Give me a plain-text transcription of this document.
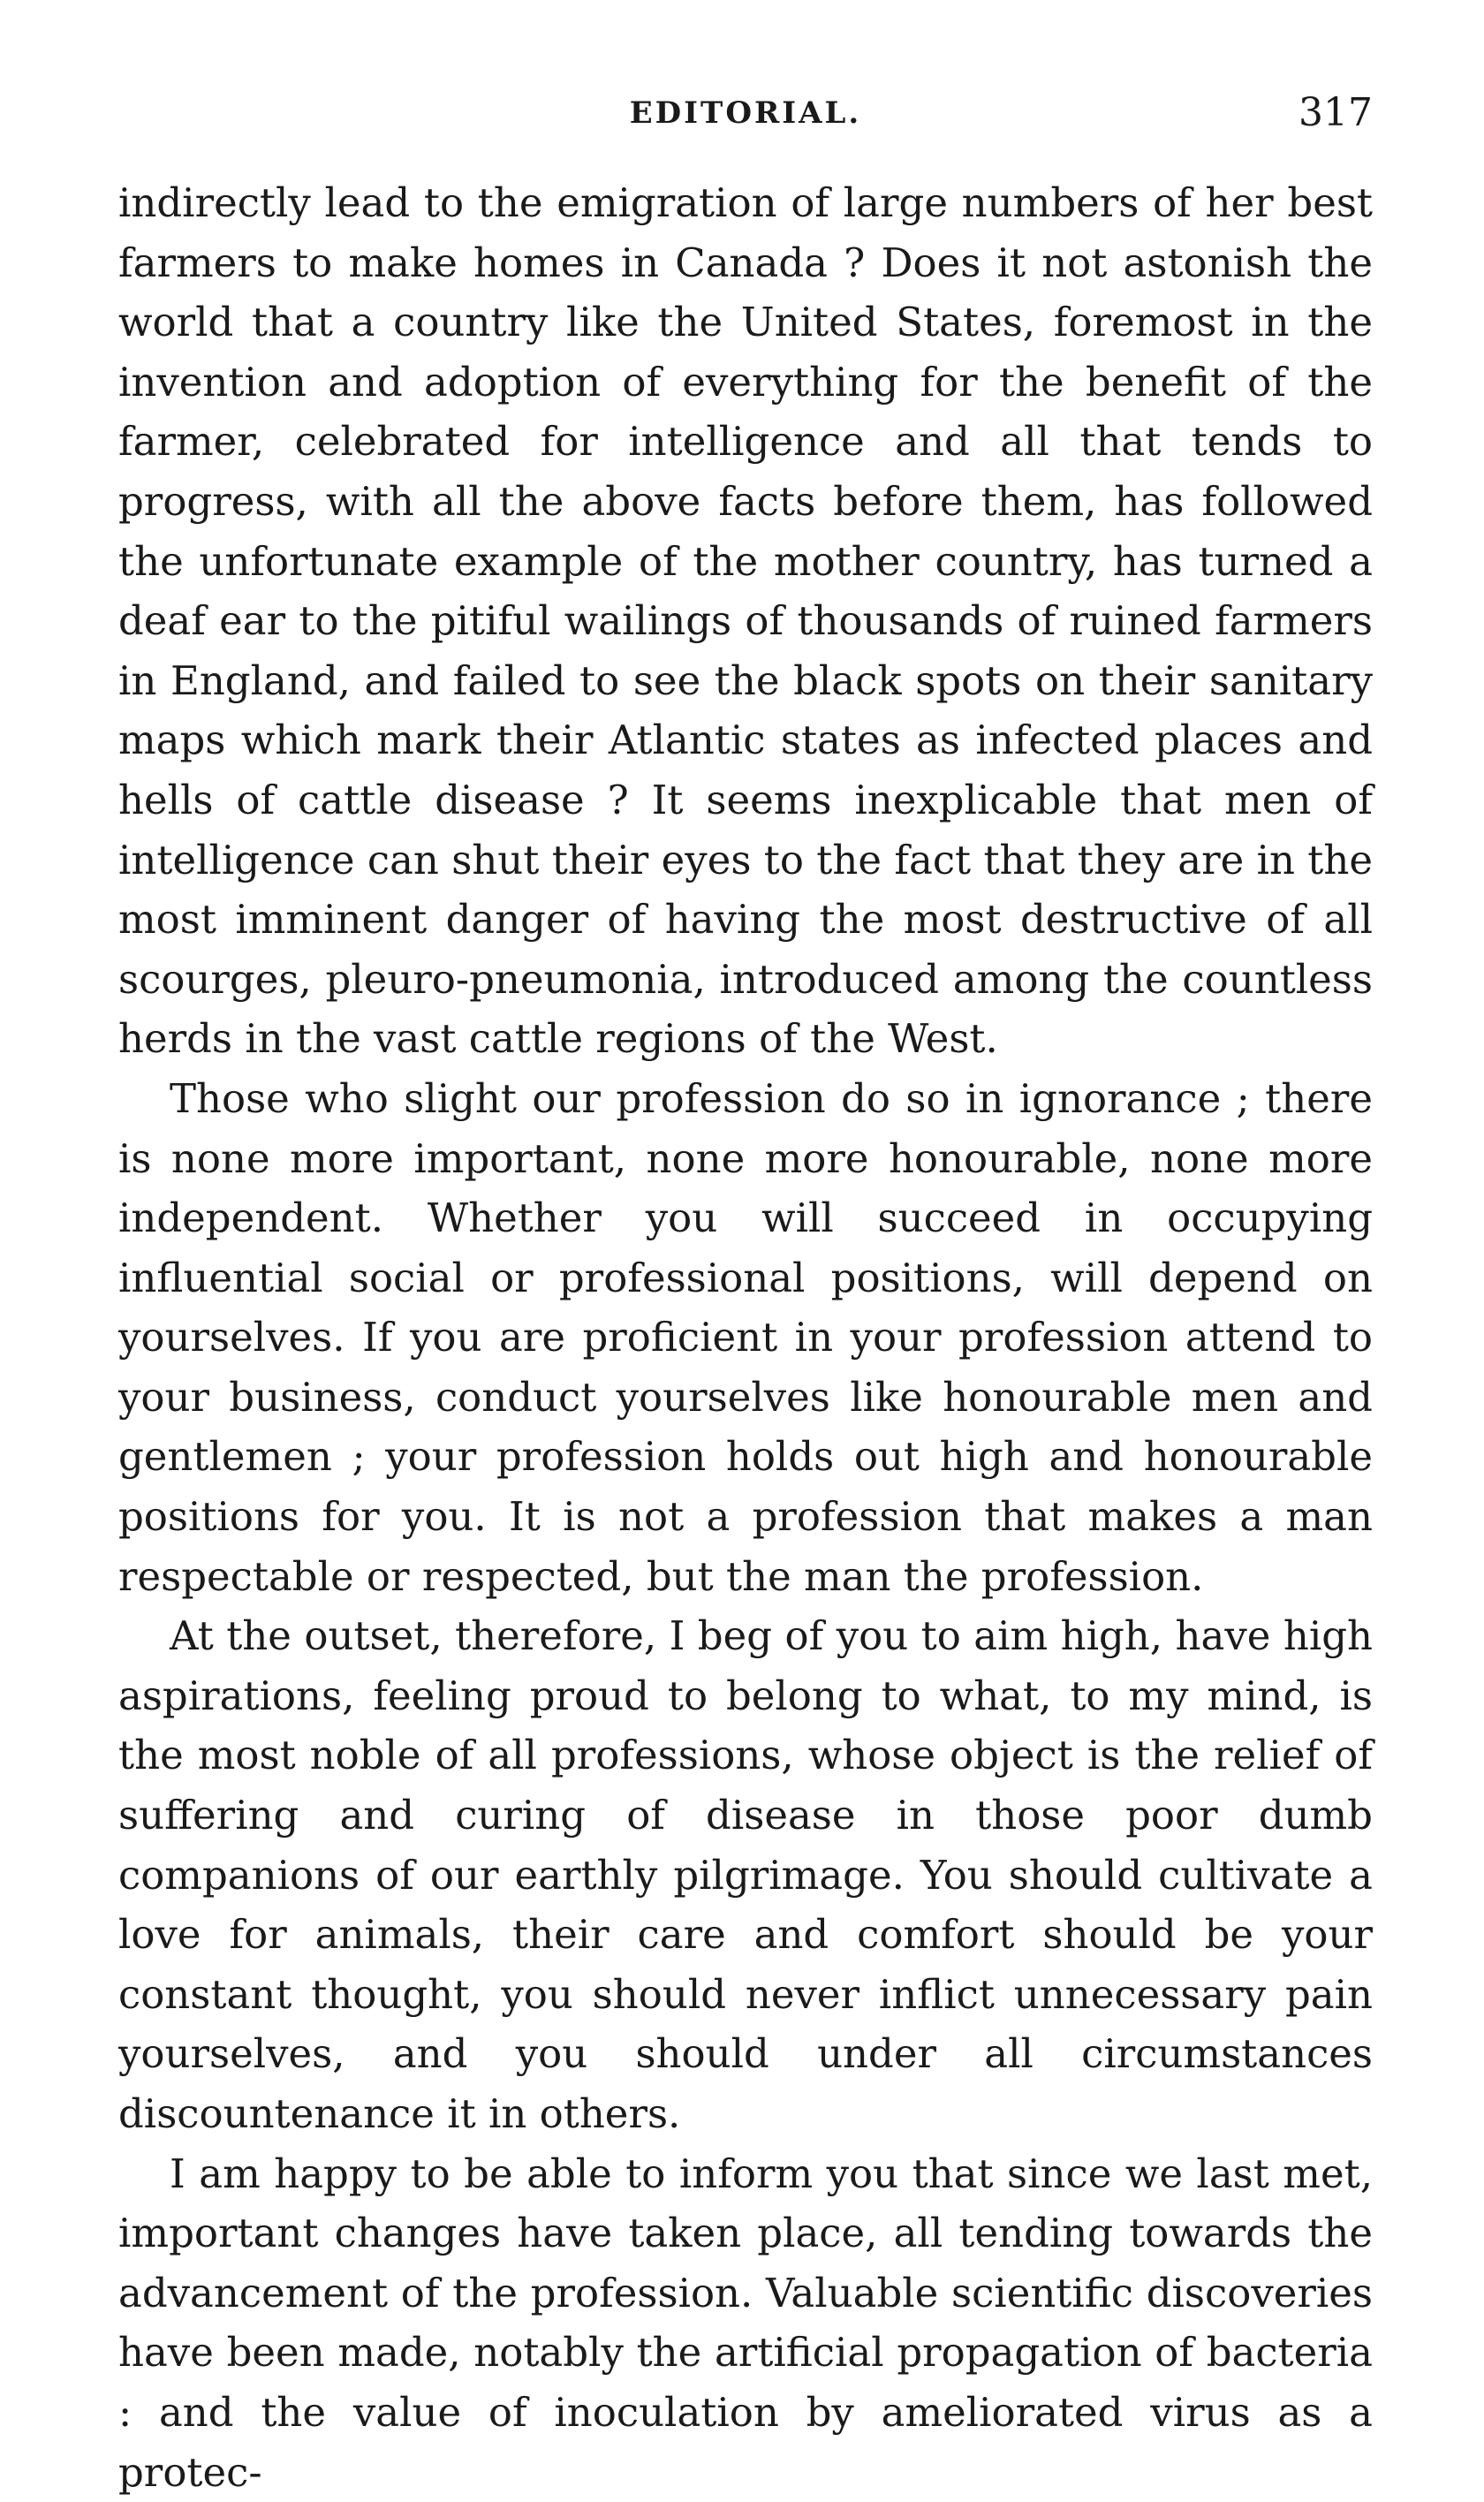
EDITORIAL.	317

indirectly lead to the emigration of large numbers of her best farmers to make homes in Canada ? Does it not astonish the world that a country like the United States, foremost in the invention and adoption of everything for the benefit of the farmer, celebrated for intelligence and all that tends to progress, with all the above facts before them, has followed the unfortunate example of the mother country, has turned a deaf ear to the pitiful wailings of thousands of ruined farmers in England, and failed to see the black spots on their sanitary maps which mark their Atlantic states as infected places and hells of cattle disease ? It seems inexplicable that men of intelligence can shut their eyes to the fact that they are in the most imminent danger of having the most destructive of all scourges, pleuro-pneumonia, introduced among the countless herds in the vast cattle regions of the West.

Those who slight our profession do so in ignorance ; there is none more important, none more honourable, none more independent. Whether you will succeed in occupying influential social or professional positions, will depend on yourselves. If you are proficient in your profession attend to your business, conduct yourselves like honourable men and gentlemen ; your profession holds out high and honourable positions for you. It is not a profession that makes a man respectable or respected, but the man the profession.

At the outset, therefore, I beg of you to aim high, have high aspirations, feeling proud to belong to what, to my mind, is the most noble of all professions, whose object is the relief of suffering and curing of disease in those poor dumb companions of our earthly pilgrimage. You should cultivate a love for animals, their care and comfort should be your constant thought, you should never inflict unnecessary pain yourselves, and you should under all circumstances discountenance it in others.

I am happy to be able to inform you that since we last met, important changes have taken place, all tending towards the advancement of the profession. Valuable scientific discoveries have been made, notably the artificial propagation of bacteria : and the value of inoculation by ameliorated virus as a protec-
